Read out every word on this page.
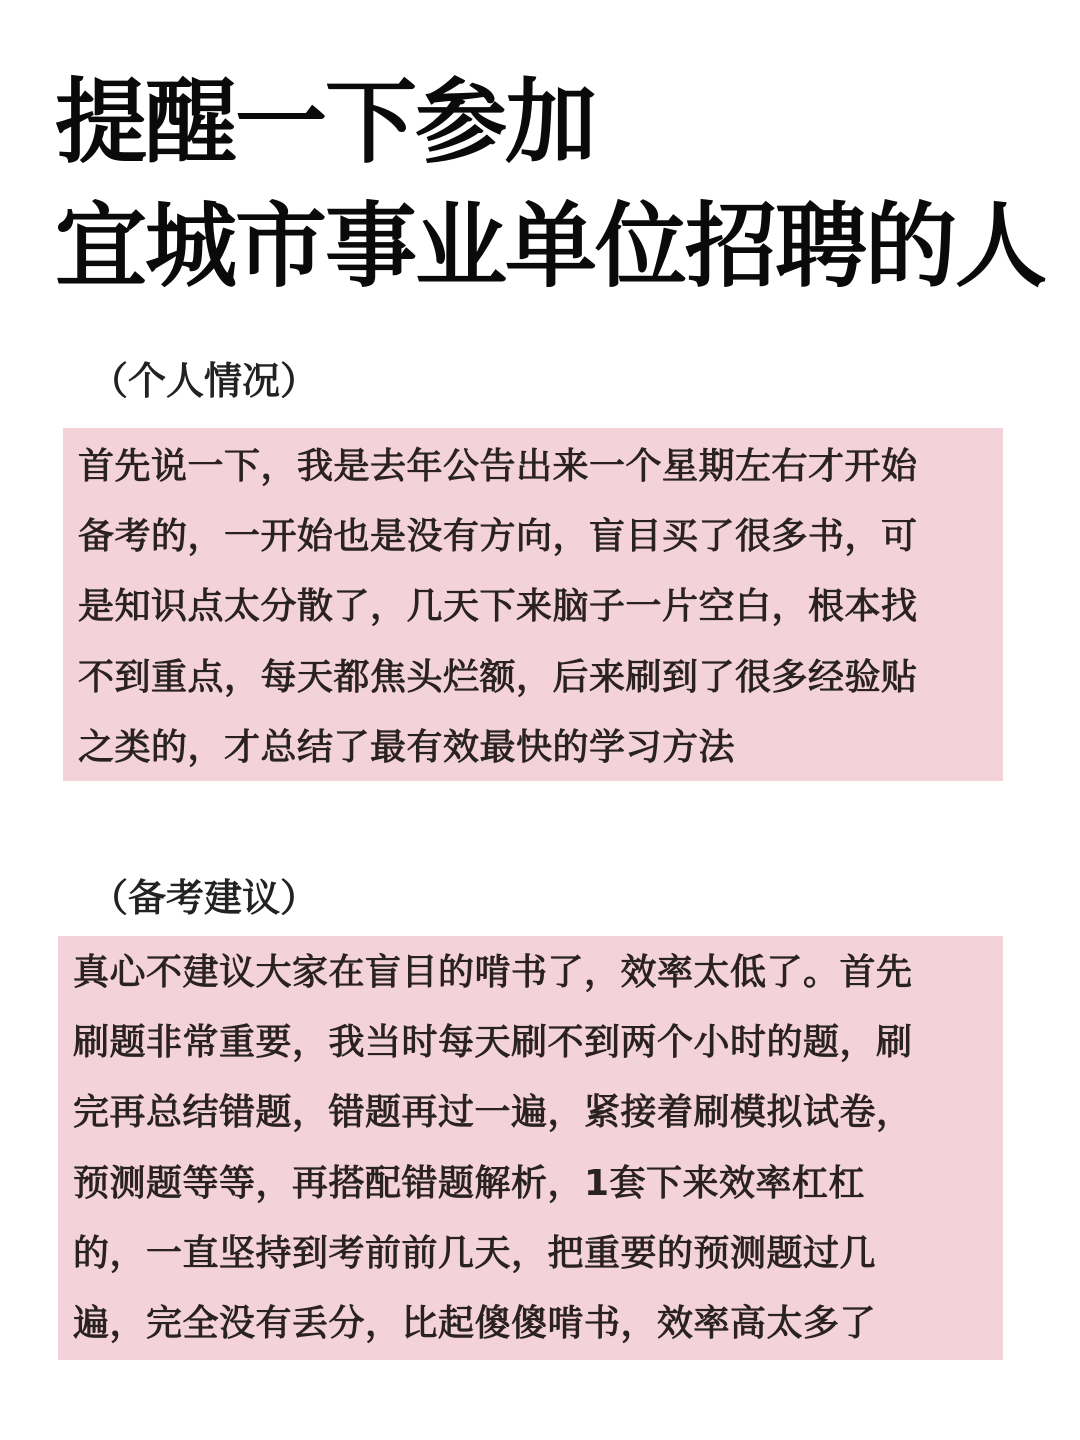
提醒一下参加
宜城市事业单位招聘的人
（个人情况）

首先说一下，我是去年公告出来一个星期左右才开始

备考的，一开始也是没有方向，盲目买了很多书，可

是知识点太分散了，几天下来脑子一片空白，根本找

不到重点，每天都焦头烂额，后来刷到了很多经验贴

之类的，才总结了最有效最快的学习方法

（备考建议）

真心不建议大家在盲目的啃书了，效率太低了。首先

刷题非常重要，我当时每天刷不到两个小时的题，刷

完再总结错题，错题再过一遍，紧接着刷模拟试卷，

预测题等等，再搭配错题解析，1套下来效率杠杠

的，一直坚持到考前前几天，把重要的预测题过几

遍，完全没有丢分，比起傻傻啃书，效率高太多了
